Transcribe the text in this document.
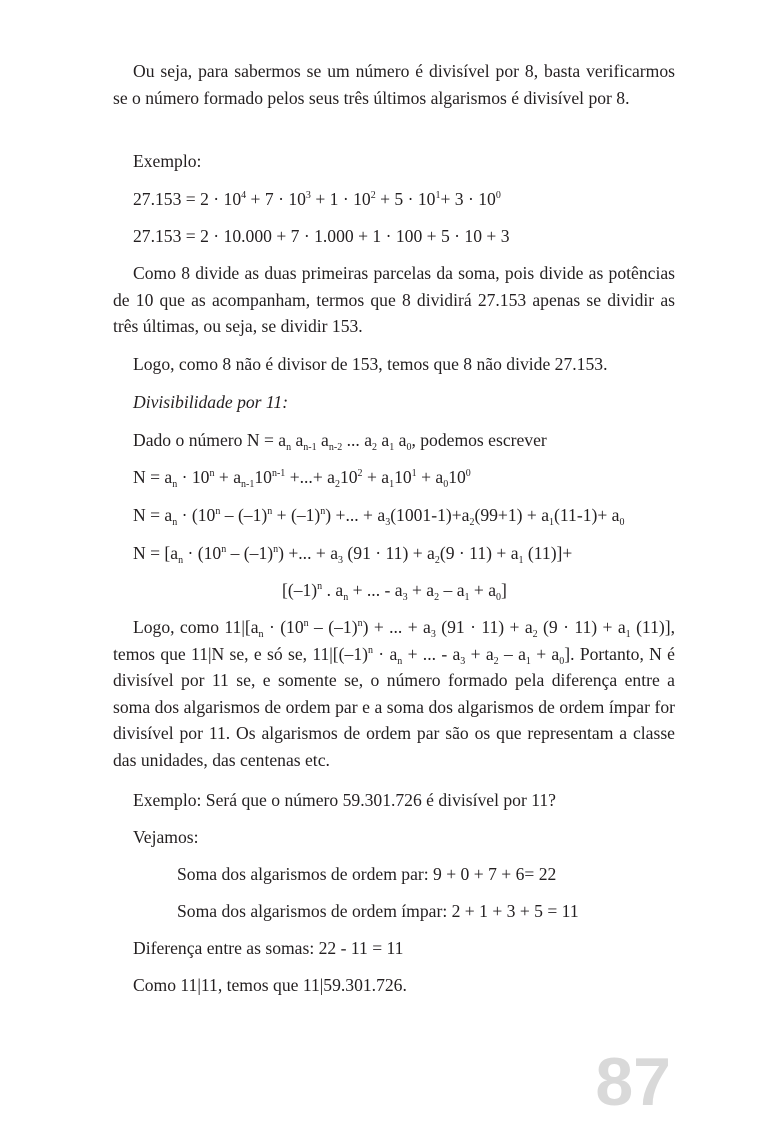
Ou seja, para sabermos se um número é divisível por 8, basta verificarmos se o número formado pelos seus três últimos algarismos é divisível por 8.

Exemplo:
$27.153 = 2 \cdot 10^4 + 7 \cdot 10^3 + 1 \cdot 10^2 + 5 \cdot 10^1+ 3 \cdot 10^0$
27.153 = 2 · 10.000 + 7 · 1.000 + 1 · 100 + 5 · 10 + 3

Como 8 divide as duas primeiras parcelas da soma, pois divide as potências de 10 que as acompanham, termos que 8 dividirá 27.153 apenas se dividir as três últimas, ou seja, se dividir 153.

Logo, como 8 não é divisor de 153, temos que 8 não divide 27.153.
Divisibilidade por 11:
Dado o número $N = a_n$ $a_{n-1}$ $a_{n-2}$ ... $a_2$ $a_1$ $a_0$, podemos escrever
$N = a_n \cdot 10^n + a_{n-1}10^{n-1}$ +...+ $a_210^2 + a_110^1 + a_010^0$
$N = a_n \cdot (10^n - (-1)^n + (-1)^n)$ +... + $a_3(1001-1)+a_2(99+1) + a_1(11-1)+ a_0$
$N = [a_n \cdot (10^n - (-1)^n)$ +... + $a_3$ $(91 \cdot 11) + a_2(9 \cdot 11) + a_1$ (11)]+
[$(-1)^n$ . $a_n$ + ... - $a_3 + a_2 - a_1 + a_0$]

Logo, como $11|[a_n \cdot (10^n - (-1)^n)$ + ... + $a_3$ $(91 \cdot 11) + a_2$ $(9 \cdot 11) + a_1$ (11)], temos que 11|N se, e só se, $11|[(-1)^n \cdot a_n$ + ... - $a_3 + a_2 - a_1 + a_0$]. Portanto, N é divisível por 11 se, e somente se, o número formado pela diferença entre a soma dos algarismos de ordem par e a soma dos algarismos de ordem ímpar for divisível por 11. Os algarismos de ordem par são os que representam a classe das unidades, das centenas etc.

Exemplo: Será que o número 59.301.726 é divisível por 11?
Vejamos:
Soma dos algarismos de ordem par: 9 + 0 + 7 + 6= 22
Soma dos algarismos de ordem ímpar: 2 + 1 + 3 + 5 = 11
Diferença entre as somas: 22 - 11 = 11
Como 11|11, temos que 11|59.301.726.
87
